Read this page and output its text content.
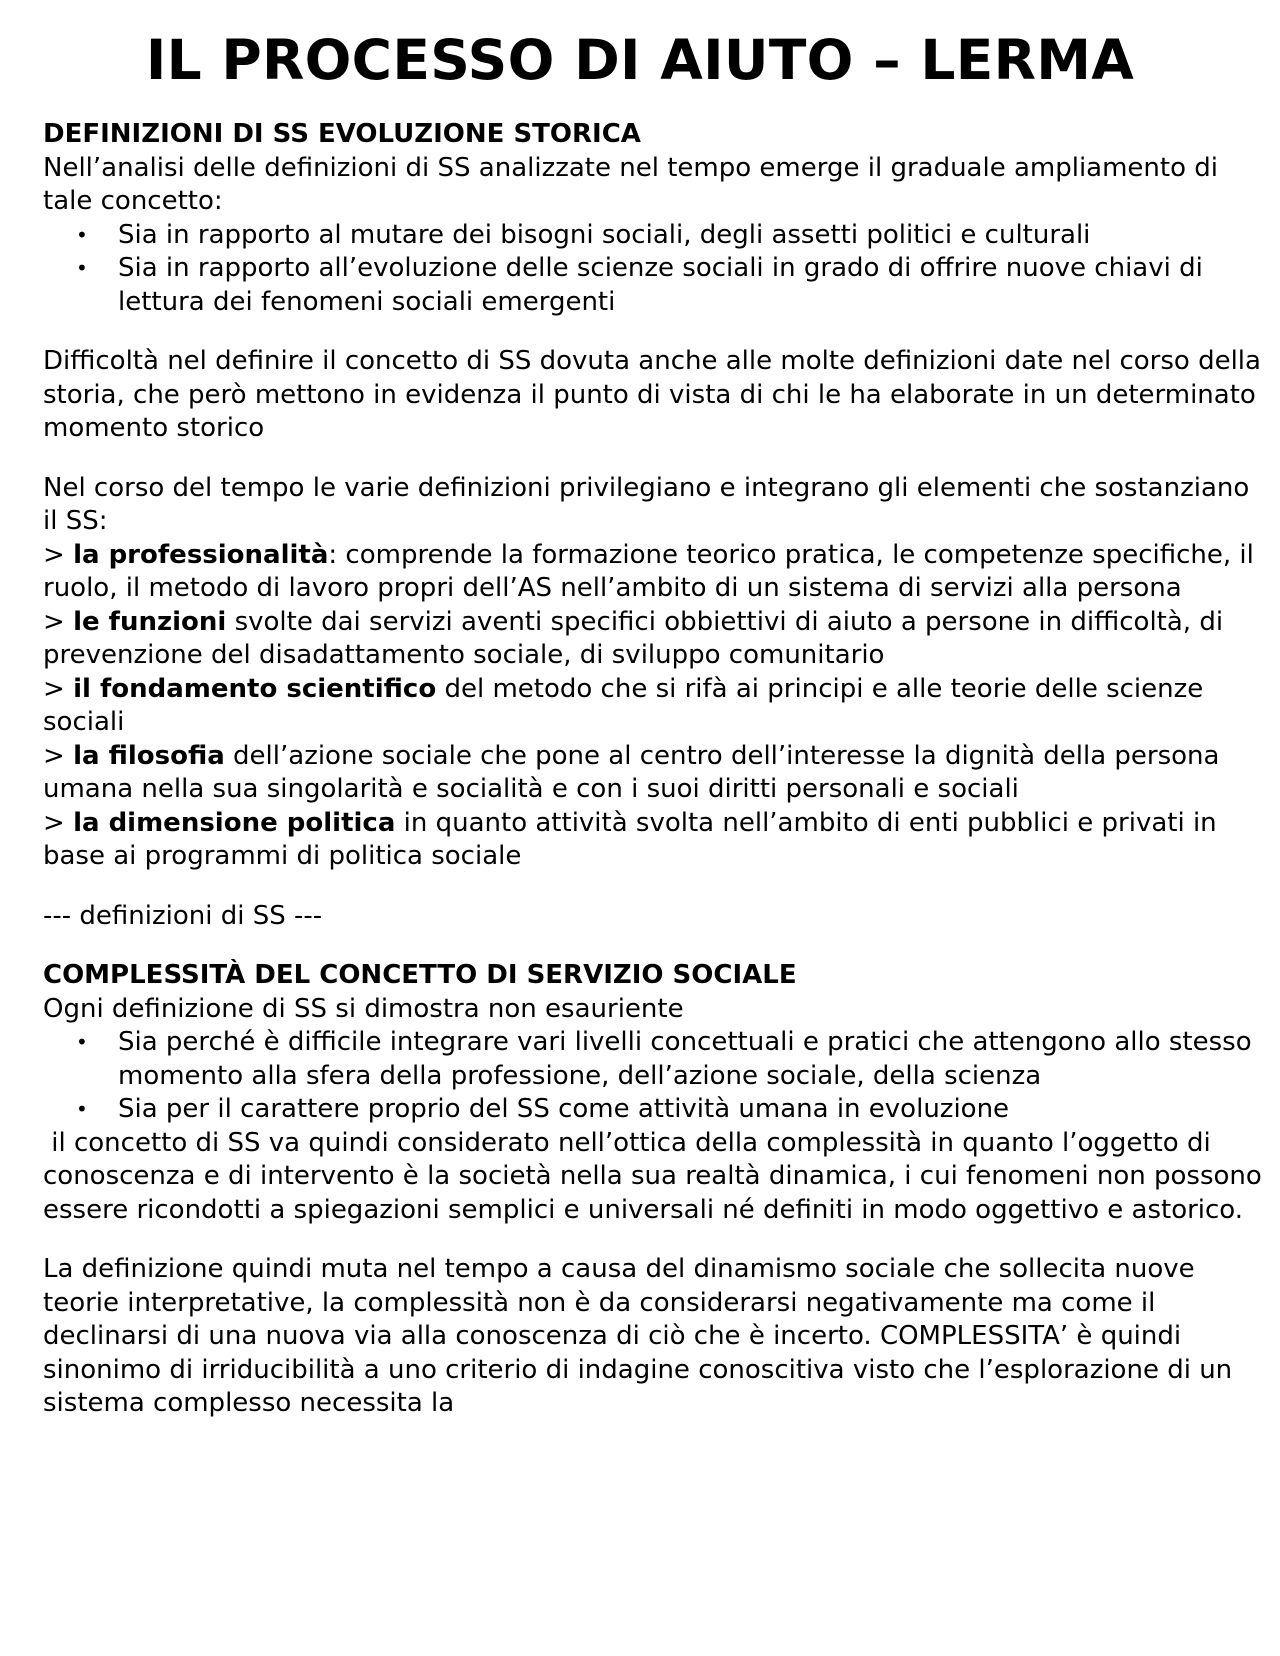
IL PROCESSO DI AIUTO – LERMA
DEFINIZIONI DI SS EVOLUZIONE STORICA

Nell’analisi delle definizioni di SS analizzate nel tempo emerge il graduale ampliamento di tale concetto:

• Sia in rapporto al mutare dei bisogni sociali, degli assetti politici e culturali
• Sia in rapporto all’evoluzione delle scienze sociali in grado di offrire nuove chiavi di lettura dei fenomeni sociali emergenti

Difficoltà nel definire il concetto di SS dovuta anche alle molte definizioni date nel corso della storia, che però mettono in evidenza il punto di vista di chi le ha elaborate in un determinato momento storico

Nel corso del tempo le varie definizioni privilegiano e integrano gli elementi che sostanziano il SS:

> la professionalità: comprende la formazione teorico pratica, le competenze specifiche, il ruolo, il metodo di lavoro propri dell’AS nell’ambito di un sistema di servizi alla persona

> le funzioni svolte dai servizi aventi specifici obbiettivi di aiuto a persone in difficoltà, di prevenzione del disadattamento sociale, di sviluppo comunitario

> il fondamento scientifico del metodo che si rifà ai principi e alle teorie delle scienze sociali

> la filosofia dell’azione sociale che pone al centro dell’interesse la dignità della persona umana nella sua singolarità e socialità e con i suoi diritti personali e sociali

> la dimensione politica in quanto attività svolta nell’ambito di enti pubblici e privati in base ai programmi di politica sociale

--- definizioni di SS ---

COMPLESSITÀ DEL CONCETTO DI SERVIZIO SOCIALE

Ogni definizione di SS si dimostra non esauriente

• Sia perché è difficile integrare vari livelli concettuali e pratici che attengono allo stesso momento alla sfera della professione, dell’azione sociale, della scienza
• Sia per il carattere proprio del SS come attività umana in evoluzione

il concetto di SS va quindi considerato nell’ottica della complessità in quanto l’oggetto di conoscenza e di intervento è la società nella sua realtà dinamica, i cui fenomeni non possono essere ricondotti a spiegazioni semplici e universali né definiti in modo oggettivo e astorico.

La definizione quindi muta nel tempo a causa del dinamismo sociale che sollecita nuove teorie interpretative, la complessità non è da considerarsi negativamente ma come il declinarsi di una nuova via alla conoscenza di ciò che è incerto. COMPLESSITA’ è quindi sinonimo di irriducibilità a uno criterio di indagine conoscitiva visto che l’esplorazione di un sistema complesso necessita la
